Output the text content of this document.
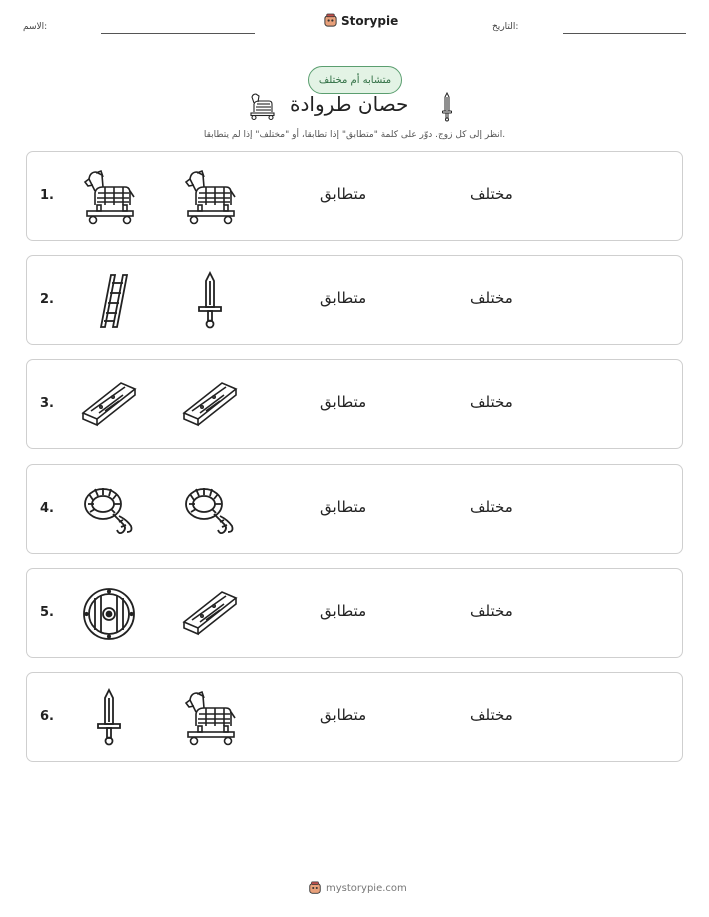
الاسم:	Storypie	التاريخ:
متشابه أم مختلف
حصان طروادة
انظر إلى كل زوج. دوّر على كلمة "متطابق" إذا تطابقا، أو "مختلف" إذا لم يتطابقا.
1.	متطابق	مختلف
2.	متطابق	مختلف
3.	متطابق	مختلف
4.	متطابق	مختلف
5.	متطابق	مختلف
6.	متطابق	مختلف
mystorypie.com
